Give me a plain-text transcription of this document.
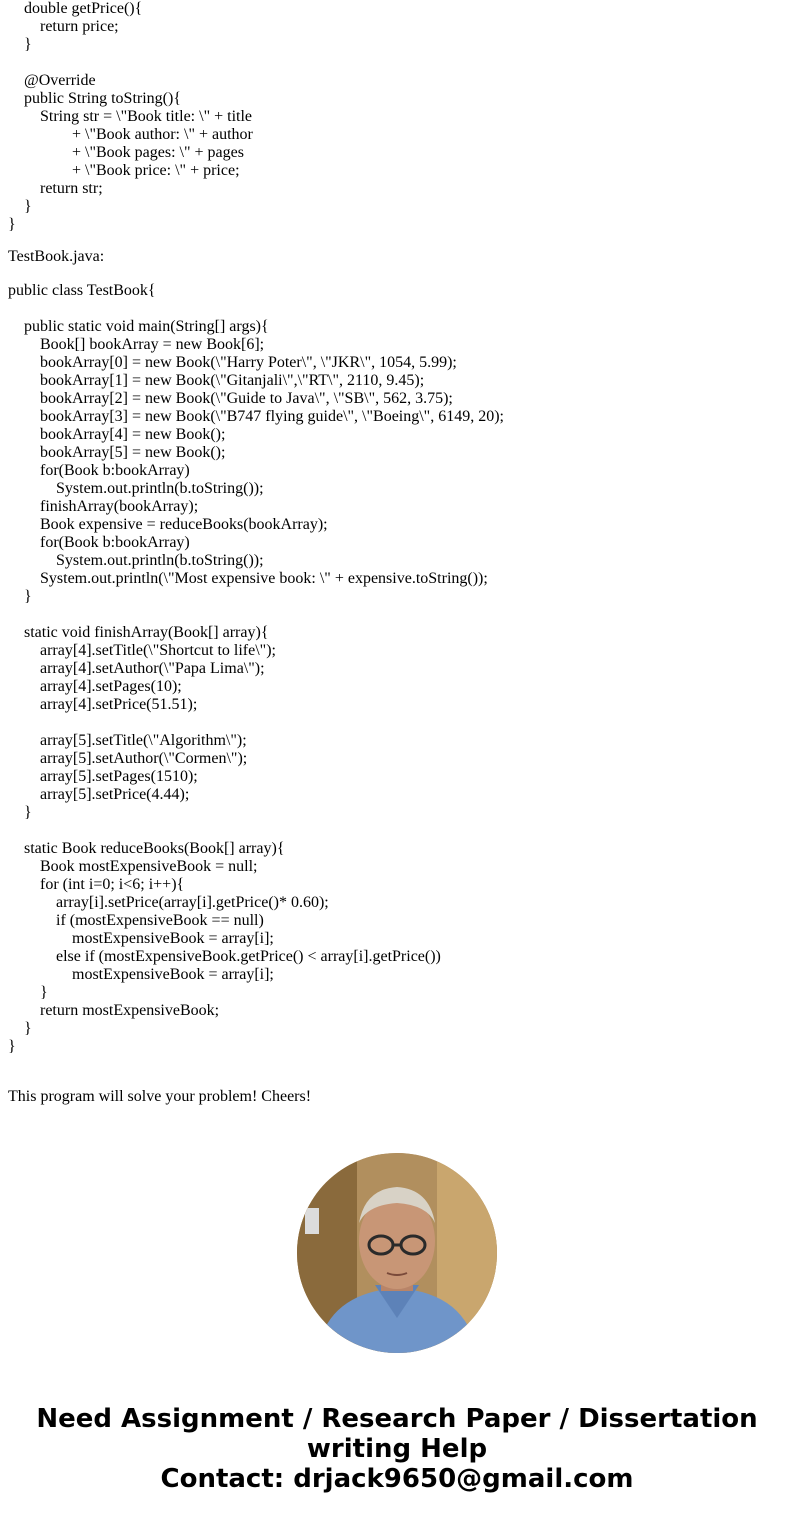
double getPrice(){
return price;
}
@Override
public String toString(){
String str = \"Book title: \" + title
+ \"Book author: \" + author
+ \"Book pages: \" + pages
+ \"Book price: \" + price;
return str;
}
}
TestBook.java:
public class TestBook{
public static void main(String[] args){
Book[] bookArray = new Book[6];
bookArray[0] = new Book(\"Harry Poter\", \"JKR\", 1054, 5.99);
bookArray[1] = new Book(\"Gitanjali\",\"RT\", 2110, 9.45);
bookArray[2] = new Book(\"Guide to Java\", \"SB\", 562, 3.75);
bookArray[3] = new Book(\"B747 flying guide\", \"Boeing\", 6149, 20);
bookArray[4] = new Book();
bookArray[5] = new Book();
for(Book b:bookArray)
System.out.println(b.toString());
finishArray(bookArray);
Book expensive = reduceBooks(bookArray);
for(Book b:bookArray)
System.out.println(b.toString());
System.out.println(\"Most expensive book: \" + expensive.toString());
}
static void finishArray(Book[] array){
array[4].setTitle(\"Shortcut to life\");
array[4].setAuthor(\"Papa Lima\");
array[4].setPages(10);
array[4].setPrice(51.51);
array[5].setTitle(\"Algorithm\");
array[5].setAuthor(\"Cormen\");
array[5].setPages(1510);
array[5].setPrice(4.44);
}
static Book reduceBooks(Book[] array){
Book mostExpensiveBook = null;
for (int i=0; i<6; i++){
array[i].setPrice(array[i].getPrice()* 0.60);
if (mostExpensiveBook == null)
mostExpensiveBook = array[i];
else if (mostExpensiveBook.getPrice() < array[i].getPrice())
mostExpensiveBook = array[i];
}
return mostExpensiveBook;
}
}
This program will solve your problem! Cheers!
Need Assignment / Research Paper / Dissertation
writing Help
Contact: drjack9650@gmail.com
